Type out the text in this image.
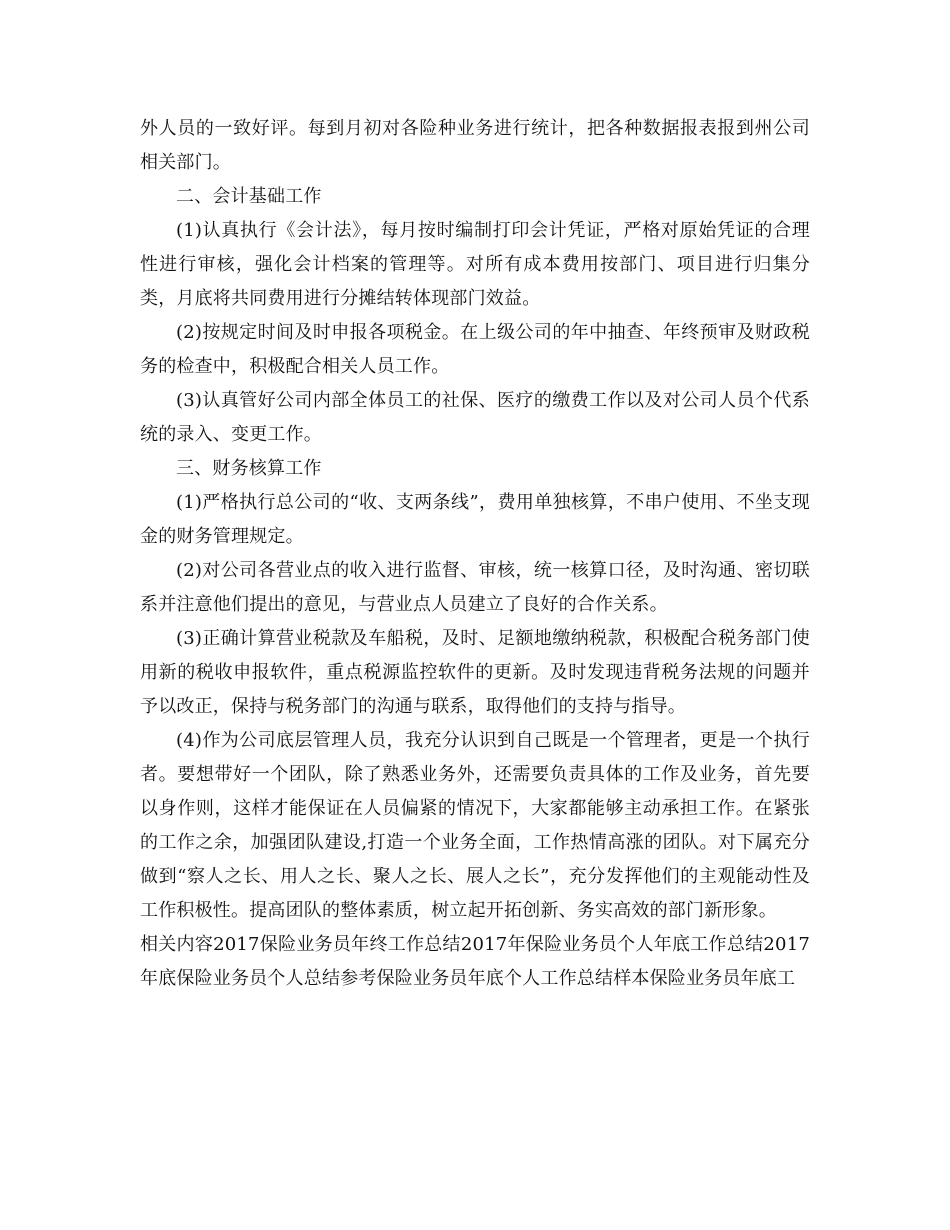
外人员的一致好评。每到月初对各险种业务进行统计，把各种数据报表报到州公司相关部门。

二、会计基础工作

(1)认真执行《会计法》，每月按时编制打印会计凭证，严格对原始凭证的合理性进行审核，强化会计档案的管理等。对所有成本费用按部门、项目进行归集分类，月底将共同费用进行分摊结转体现部门效益。

(2)按规定时间及时申报各项税金。在上级公司的年中抽查、年终预审及财政税务的检查中，积极配合相关人员工作。

(3)认真管好公司内部全体员工的社保、医疗的缴费工作以及对公司人员个代系统的录入、变更工作。

三、财务核算工作

(1)严格执行总公司的“收、支两条线”，费用单独核算，不串户使用、不坐支现金的财务管理规定。

(2)对公司各营业点的收入进行监督、审核，统一核算口径，及时沟通、密切联系并注意他们提出的意见，与营业点人员建立了良好的合作关系。

(3)正确计算营业税款及车船税，及时、足额地缴纳税款，积极配合税务部门使用新的税收申报软件，重点税源监控软件的更新。及时发现违背税务法规的问题并予以改正，保持与税务部门的沟通与联系，取得他们的支持与指导。

(4)作为公司底层管理人员，我充分认识到自己既是一个管理者，更是一个执行者。要想带好一个团队，除了熟悉业务外，还需要负责具体的工作及业务，首先要以身作则，这样才能保证在人员偏紧的情况下，大家都能够主动承担工作。在紧张的工作之余，加强团队建设,打造一个业务全面，工作热情高涨的团队。对下属充分做到“察人之长、用人之长、聚人之长、展人之长”，充分发挥他们的主观能动性及工作积极性。提高团队的整体素质，树立起开拓创新、务实高效的部门新形象。

相关内容2017保险业务员年终工作总结2017年保险业务员个人年底工作总结2017年底保险业务员个人总结参考保险业务员年底个人工作总结样本保险业务员年底工
